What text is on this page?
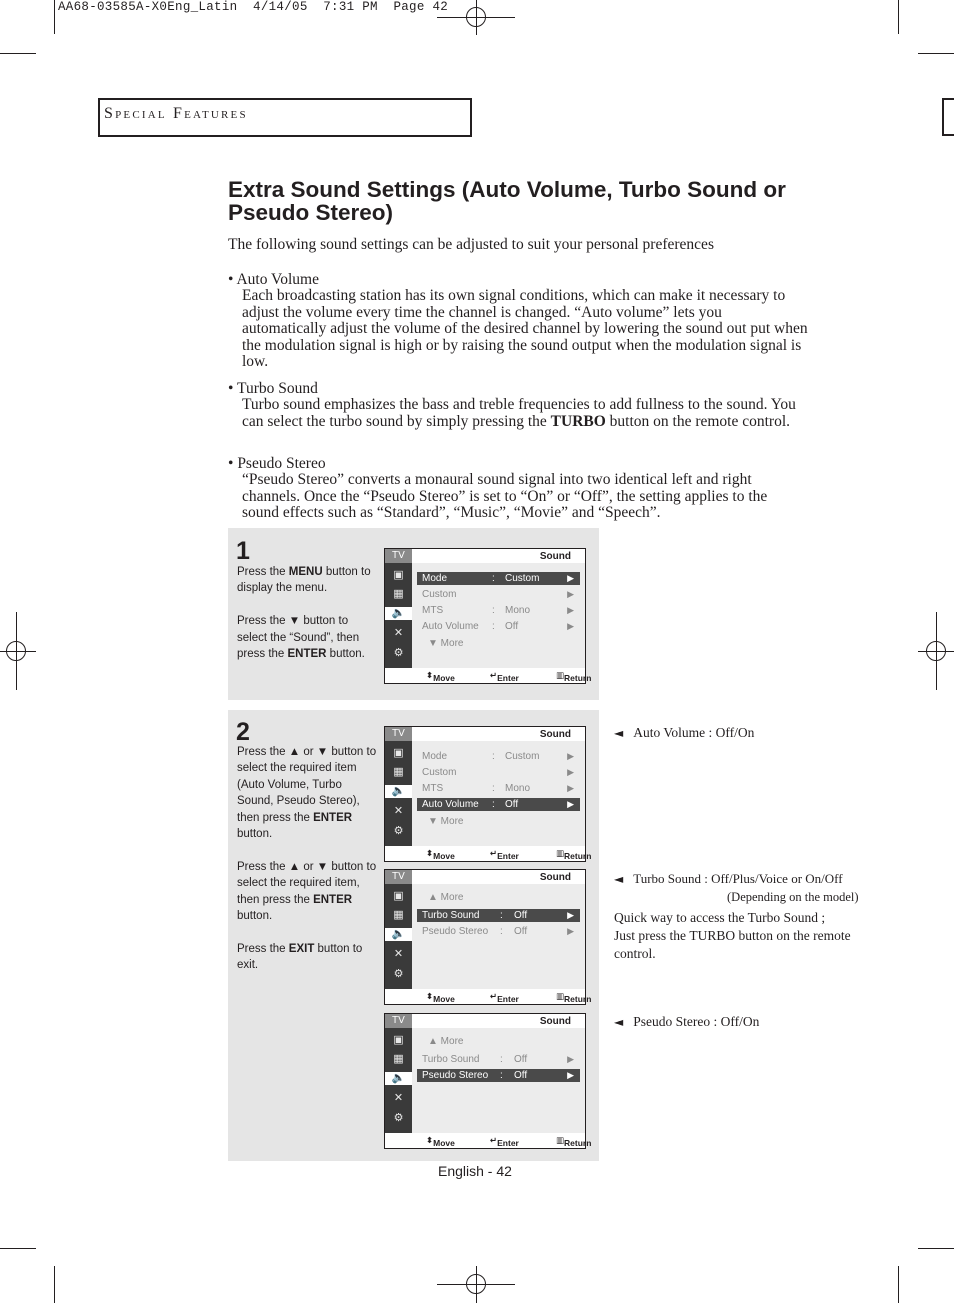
AA68-03585A-X0Eng_Latin  4/14/05  7:31 PM  Page 42
Special Features
Extra Sound Settings (Auto Volume, Turbo Sound or Pseudo Stereo)
The following sound settings can be adjusted to suit your personal preferences
• Auto Volume
Each broadcasting station has its own signal conditions, which can make it necessary to adjust the volume every time the channel is changed. “Auto volume” lets you automatically adjust the volume of the desired channel by lowering the sound out put when the modulation signal is high or by raising the sound output when the modulation signal is low.
• Turbo Sound
Turbo sound emphasizes the bass and treble frequencies to add fullness to the sound. You can select the turbo sound by simply pressing the TURBO button on the remote control.
• Pseudo Stereo
“Pseudo Stereo” converts a monaural sound signal into two identical left and right channels. Once the “Pseudo Stereo” is set to “On” or “Off”, the setting applies to the sound effects such as “Standard”, “Music”, “Movie” and “Speech”.
1

Press the MENU button to display the menu.

Press the ▼ button to select the “Sound”, then press the ENTER button.

2

Press the ▲ or ▼ button to select the required item (Auto Volume, Turbo Sound, Pseudo Stereo), then press the ENTER button.

Press the ▲ or ▼ button to select the required item, then press the ENTER button.

Press the EXIT button to exit.

TV
▣
▦
🔈
✕
⚙
Sound
Mode	: Custom	▶
Custom	▶
MTS	: Mono	▶
Auto Volume : Off	▶
▼ More
⬍ Move	↵ Enter	▥ Return
TV
▣
▦
🔈
✕
⚙
Sound
Mode	: Custom	▶
Custom	▶
MTS	: Mono	▶
Auto Volume : Off	▶
▼ More
⬍ Move	↵ Enter	▥ Return
TV
▣
▦
🔈
✕
⚙
Sound
▲ More
Turbo Sound : Off	▶
Pseudo Stereo : Off	▶
⬍ Move	↵ Enter	▥ Return
TV
▣
▦
🔈
✕
⚙
Sound
▲ More
Turbo Sound : Off	▶
Pseudo Stereo : Off	▶
⬍ Move	↵ Enter	▥ Return
◄ Auto Volume : Off/On
◄ Turbo Sound : Off/Plus/Voice or On/Off
(Depending on the model)
Quick way to access the Turbo Sound ;
Just press the TURBO button on the remote control.
◄ Pseudo Stereo : Off/On
English - 42
